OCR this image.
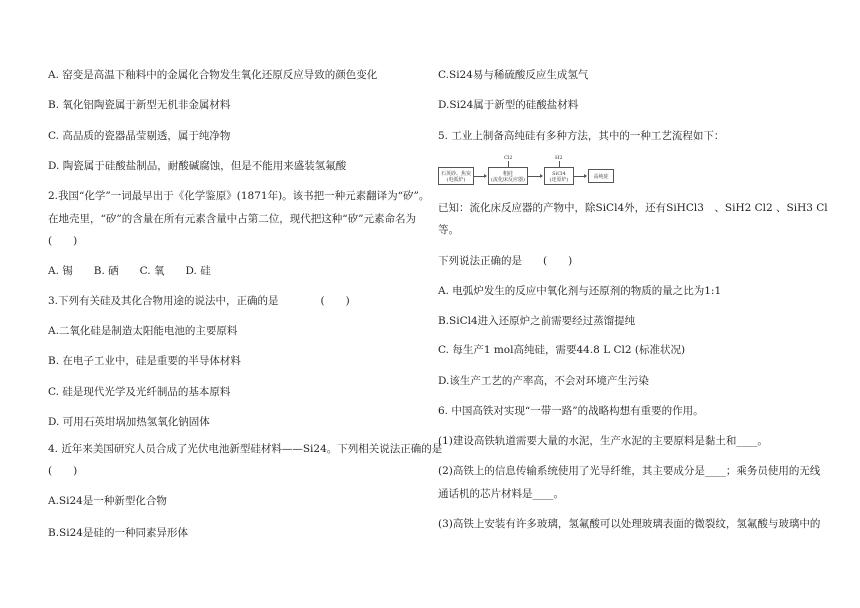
A. 窑变是高温下釉料中的金属化合物发生氧化还原反应导致的颜色变化
B. 氧化铝陶瓷属于新型无机非金属材料
C. 高品质的瓷器晶莹剔透，属于纯净物
D. 陶瓷属于硅酸盐制品，耐酸碱腐蚀，但是不能用来盛装氢氟酸
2.我国“化学”一词最早出于《化学鉴原》(1871年)。该书把一种元素翻译为“矽”。
在地壳里，“矽”的含量在所有元素含量中占第二位，现代把这种“矽”元素命名为
(　　)
A. 锡　　B. 硒　　C. 氧　　D. 硅
3.下列有关硅及其化合物用途的说法中，正确的是　　　　(　　)
A.二氧化硅是制造太阳能电池的主要原料
B. 在电子工业中，硅是重要的半导体材料
C. 硅是现代光学及光纤制品的基本原料
D. 可用石英坩埚加热氢氧化钠固体
4. 近年来美国研究人员合成了光伏电池新型硅材料——Si24。下列相关说法正确的是
(　　)
A.Si24是一种新型化合物
B.Si24是硅的一种同素异形体
C.Si24易与稀硫酸反应生成氢气
D.Si24属于新型的硅酸盐材料
5. 工业上制备高纯硅有多种方法，其中的一种工艺流程如下：
石英砂、焦炭
(电弧炉)
粗硅
(流化床反应器)
Cl2
SiCl4
(还原炉)
H2
高纯硅
已知：流化床反应器的产物中，除SiCl4外，还有SiHCl3　、SiH2 Cl2 、SiH3 Cl
等。
下列说法正确的是　　(　　)
A. 电弧炉发生的反应中氧化剂与还原剂的物质的量之比为1:1
B.SiCl4进入还原炉之前需要经过蒸馏提纯
C. 每生产1 mol高纯硅，需要44.8 L Cl2 (标准状况)
D.该生产工艺的产率高，不会对环境产生污染
6. 中国高铁对实现“一带一路”的战略构想有重要的作用。
(1)建设高铁轨道需要大量的水泥，生产水泥的主要原料是黏土和____。
(2)高铁上的信息传输系统使用了光导纤维，其主要成分是____；乘务员使用的无线
通话机的芯片材料是____。
(3)高铁上安装有许多玻璃，氢氟酸可以处理玻璃表面的微裂纹，氢氟酸与玻璃中的
